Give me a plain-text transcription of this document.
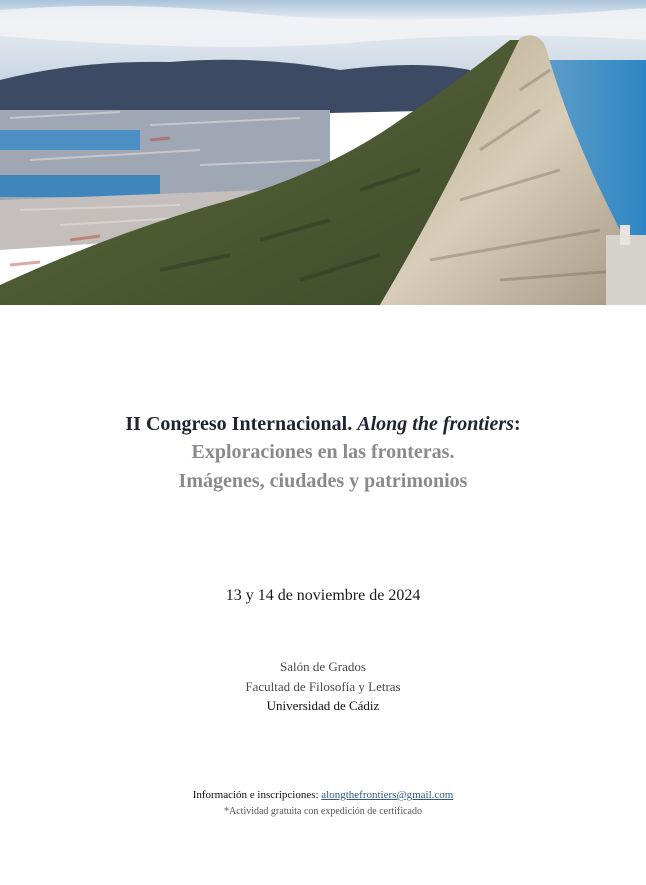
II Congreso Internacional. Along the frontiers:
Exploraciones en las fronteras.
Imágenes, ciudades y patrimonios
13 y 14 de noviembre de 2024
Salón de Grados
Facultad de Filosofía y Letras
Universidad de Cádiz
Información e inscripciones: alongthefrontiers@gmail.com
*Actividad gratuita con expedición de certificado
